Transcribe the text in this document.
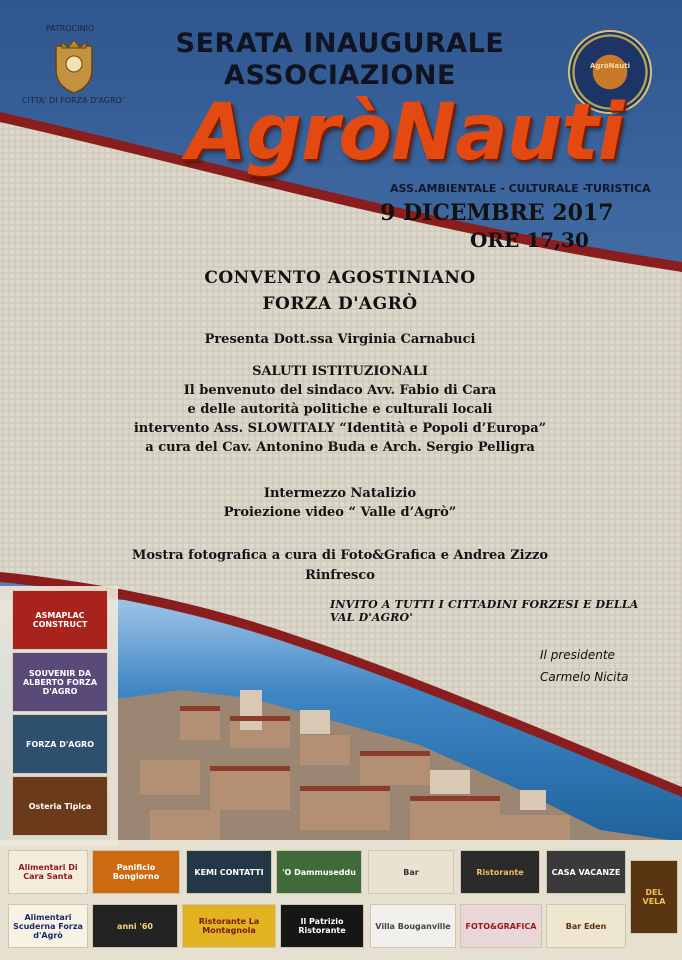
PATROCINIO
CITTA' DI FORZA D'AGRO'
AgròNauti
SERATA INAUGURALE
ASSOCIAZIONE
AgròNauti
ASS.AMBIENTALE - CULTURALE -TURISTICA
9 DICEMBRE 2017
ORE 17,30
CONVENTO AGOSTINIANO
FORZA D'AGRÒ
Presenta Dott.ssa Virginia Carnabuci
SALUTI ISTITUZIONALI
Il benvenuto del sindaco Avv. Fabio di Cara
e delle autorità politiche e culturali locali
intervento Ass. SLOWITALY “Identità e Popoli d’Europa”
a cura del Cav. Antonino Buda e Arch. Sergio Pelligra
Intermezzo Natalizio
Proiezione video “ Valle d’Agrò”
Mostra fotografica a cura di Foto&Grafica e Andrea Zizzo
Rinfresco
INVITO A TUTTI I CITTADINI FORZESI E DELLA VAL D'AGRO'
Il presidente
Carmelo Nicita
ASMAPLAC CONSTRUCT
SOUVENIR DA ALBERTO FORZA D'AGRO
FORZA D'AGRO
Osteria Tipica
Alimentari Di Cara Santa
Panificio Bongiorno	KEMI CONTATTI	'O Dammuseddu	Bar	Ristorante	CASA VACANZE
DEL VELA
Alimentari Scuderna Forza d'Agrò
anni '60	Ristorante La Montagnola
Il Patrizio Ristorante	Villa Bouganville	FOTO&GRAFICA	Bar Eden
